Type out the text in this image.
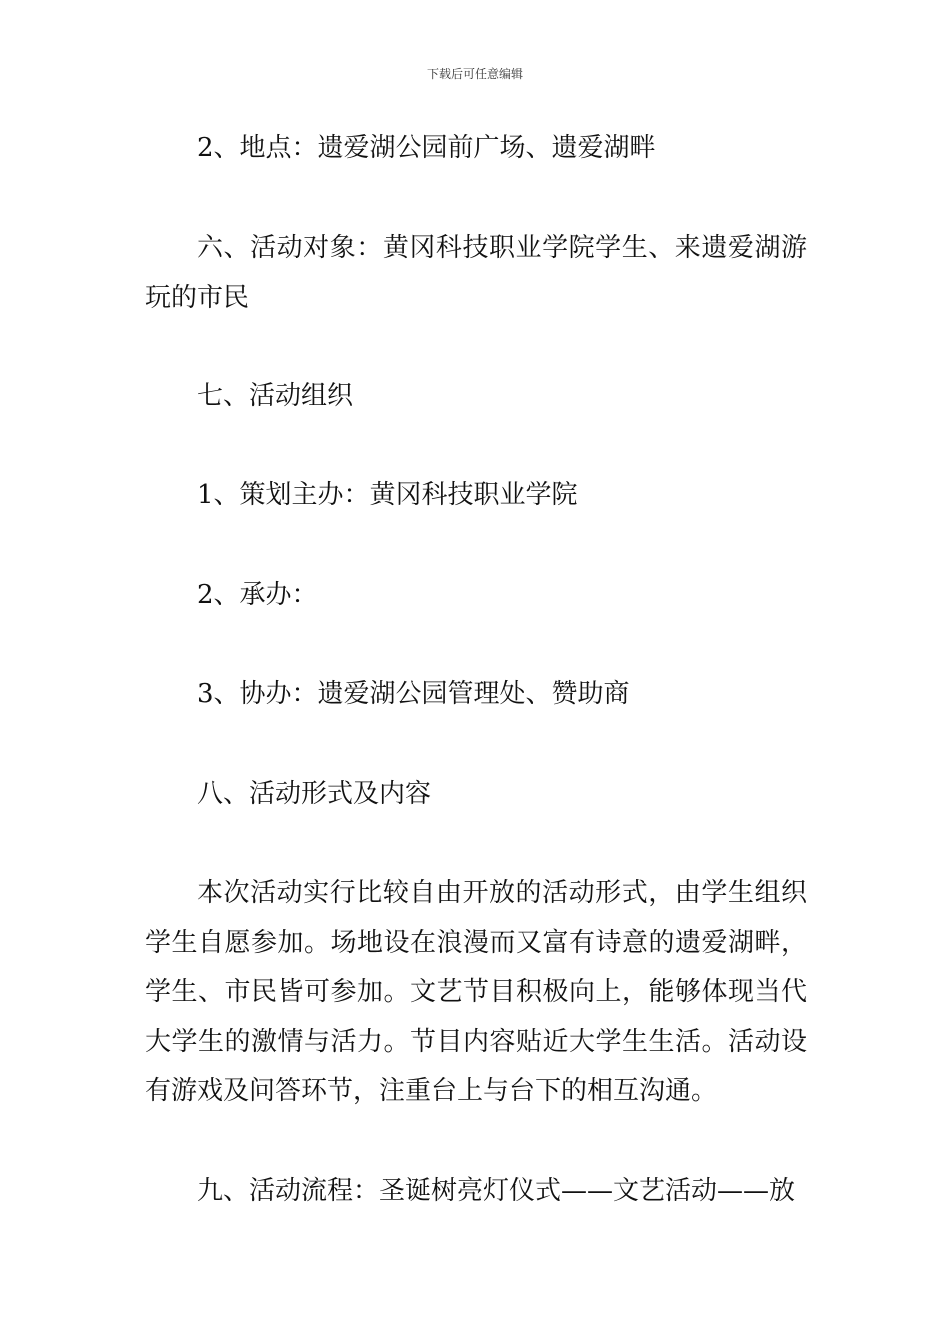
下载后可任意编辑

2、地点：遗爱湖公园前广场、遗爱湖畔

六、活动对象：黄冈科技职业学院学生、来遗爱湖游玩的市民

七、活动组织

1、策划主办：黄冈科技职业学院

2、承办：

3、协办：遗爱湖公园管理处、赞助商

八、活动形式及内容

本次活动实行比较自由开放的活动形式，由学生组织学生自愿参加。场地设在浪漫而又富有诗意的遗爱湖畔，学生、市民皆可参加。文艺节目积极向上，能够体现当代大学生的激情与活力。节目内容贴近大学生生活。活动设有游戏及问答环节，注重台上与台下的相互沟通。

九、活动流程：圣诞树亮灯仪式——文艺活动——放
